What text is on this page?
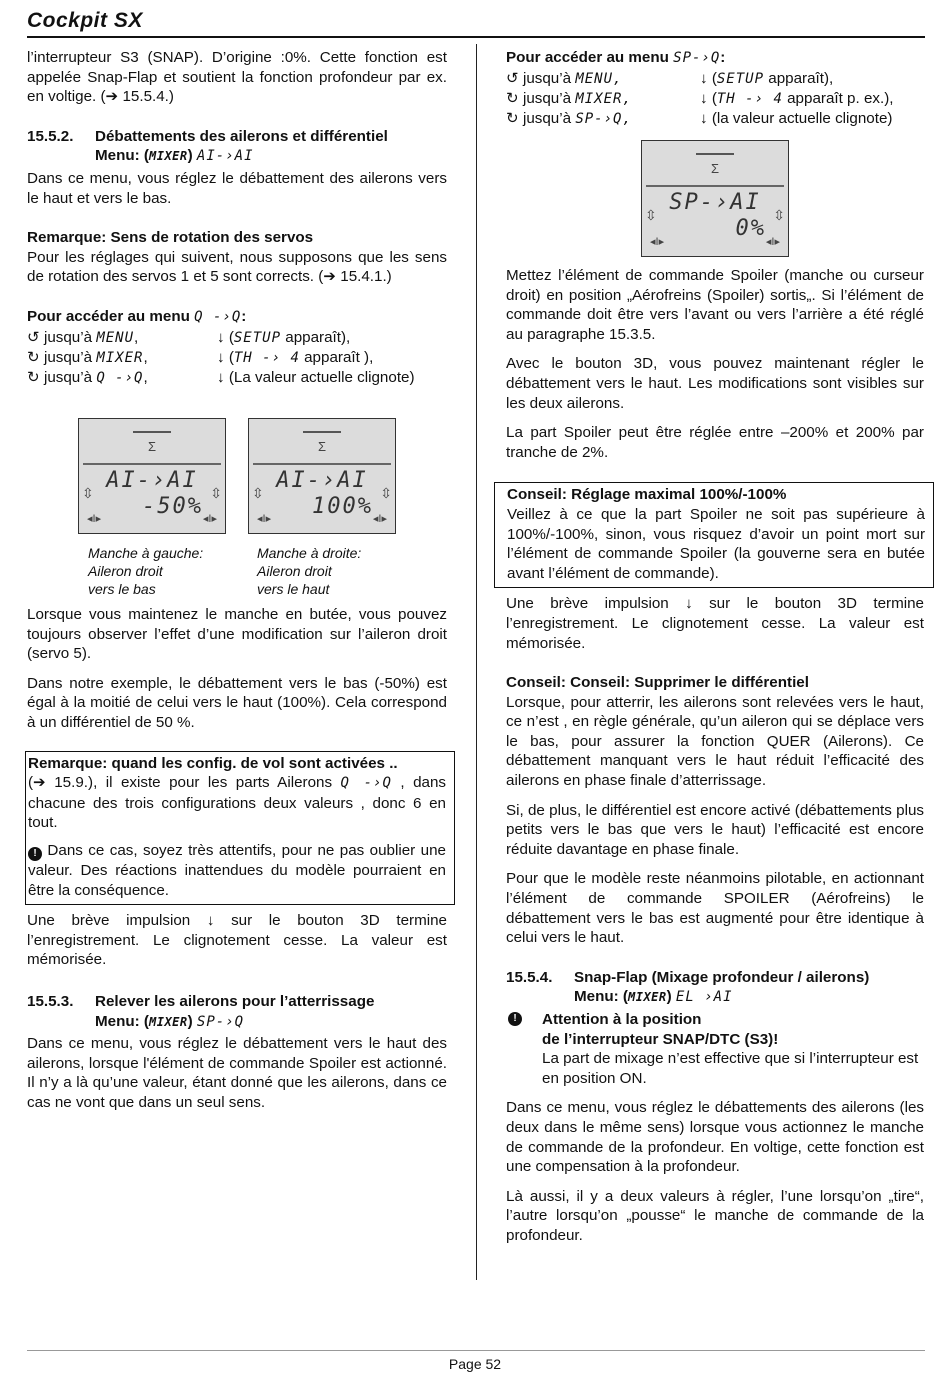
Cockpit SX

l’interrupteur S3 (SNAP). D’origine :0%. Cette fonction est appelée Snap-Flap et soutient la fonction profondeur par ex. en voltige. (➔ 15.5.4.)

15.5.2. Débattements des ailerons et différentiel
Menu: (MIXER) AI-›AI

Dans ce menu, vous réglez le débattement des ailerons vers le haut et vers le bas.

Remarque: Sens de rotation des servos

Pour les réglages qui suivent, nous supposons que les sens de rotation des servos 1 et 5 sont corrects. (➔ 15.4.1.)

Pour accéder au menu Q -›Q:
↺ jusqu’à MENU,	↓ (SETUP apparaît),
↻ jusqu’à MIXER,	↓ (TH -› 4 apparaît ),
↻ jusqu’à Q -›Q,	↓ (La valeur actuelle clignote)
Σ
AI-›AI
-50%
⇳	⇳
◂I▸	◂I▸
Σ
AI-›AI
100%
⇳	⇳
◂I▸	◂I▸
Manche à gauche:
Aileron droit
vers le bas
Manche à droite:
Aileron droit
vers le haut

Lorsque vous maintenez le manche en butée, vous pouvez toujours observer l’effet d’une modification sur l’aileron droit (servo 5).

Dans notre exemple, le débattement vers le bas (-50%) est égal à la moitié de celui vers le haut (100%). Cela correspond à un différentiel de 50 %.

Remarque: quand les config. de vol sont activées ..

(➔ 15.9.), il existe pour les parts Ailerons Q -›Q , dans chacune des trois configurations deux valeurs , donc 6 en tout.

! Dans ce cas, soyez très attentifs, pour ne pas oublier une valeur. Des réactions inattendues du modèle pourraient en être la conséquence.

Une brève impulsion ↓ sur le bouton 3D termine l’enregistrement. Le clignotement cesse. La valeur est mémorisée.

15.5.3. Relever les ailerons pour l’atterrissage
Menu: (MIXER) SP-›Q

Dans ce menu, vous réglez le débattement vers le haut des ailerons, lorsque l'élément de commande Spoiler est actionné. Il n’y a là qu’une valeur, étant donné que les ailerons, dans ce cas ne vont que dans un seul sens.

Pour accéder au menu SP-›Q:
↺ jusqu’à MENU,	↓ (SETUP apparaît),
↻ jusqu’à MIXER,	↓ (TH -› 4 apparaît p. ex.),
↻ jusqu’à SP-›Q,	↓ (la valeur actuelle clignote)
Σ
SP-›AI
0%
⇳	⇳
◂I▸	◂I▸

Mettez l’élément de commande Spoiler (manche ou curseur droit) en position „Aérofreins (Spoiler) sortis„. Si l’élément de commande doit être vers l’avant ou vers l’arrière a été réglé au paragraphe 15.3.5.

Avec le bouton 3D, vous pouvez maintenant régler le débattement vers le haut. Les modifications sont visibles sur les deux ailerons.

La part Spoiler peut être réglée entre –200% et 200% par tranche de 2%.

Conseil: Réglage maximal 100%/-100%

Veillez à ce que la part Spoiler ne soit pas supérieure à 100%/-100%, sinon, vous risquez d’avoir un point mort sur l’élément de commande Spoiler (la gouverne sera en butée avant l’élément de commande).

Une brève impulsion ↓ sur le bouton 3D termine l’enregistrement. Le clignotement cesse. La valeur est mémorisée.

Conseil: Conseil: Supprimer le différentiel

Lorsque, pour atterrir, les ailerons sont relevées vers le haut, ce n’est , en règle générale, qu’un aileron qui se déplace vers le bas, pour assurer la fonction QUER (Ailerons). Ce débattement manquant vers le haut réduit l’efficacité des ailerons en phase finale d’atterrissage.

Si, de plus, le différentiel est encore activé (débattements plus petits vers le bas que vers le haut) l’efficacité est encore réduite davantage en phase finale.

Pour que le modèle reste néanmoins pilotable, en actionnant l’élément de commande SPOILER (Aérofreins) le débattement vers le bas est augmenté pour être identique à celui vers le haut.

15.5.4. Snap-Flap (Mixage profondeur / ailerons)
Menu: (MIXER) EL ›AI
!	Attention à la position
de l’interrupteur SNAP/DTC (S3)!
La part de mixage n’est effective que si l’interrupteur est en position ON.

Dans ce menu, vous réglez le débattements des ailerons (les deux dans le même sens) lorsque vous actionnez le manche de commande de la profondeur. En voltige, cette fonction est une compensation à la profondeur.

Là aussi, il y a deux valeurs à régler, l’une lorsqu’on „tire“, l’autre lorsqu’on „pousse“ le manche de commande de la profondeur.

Page 52
